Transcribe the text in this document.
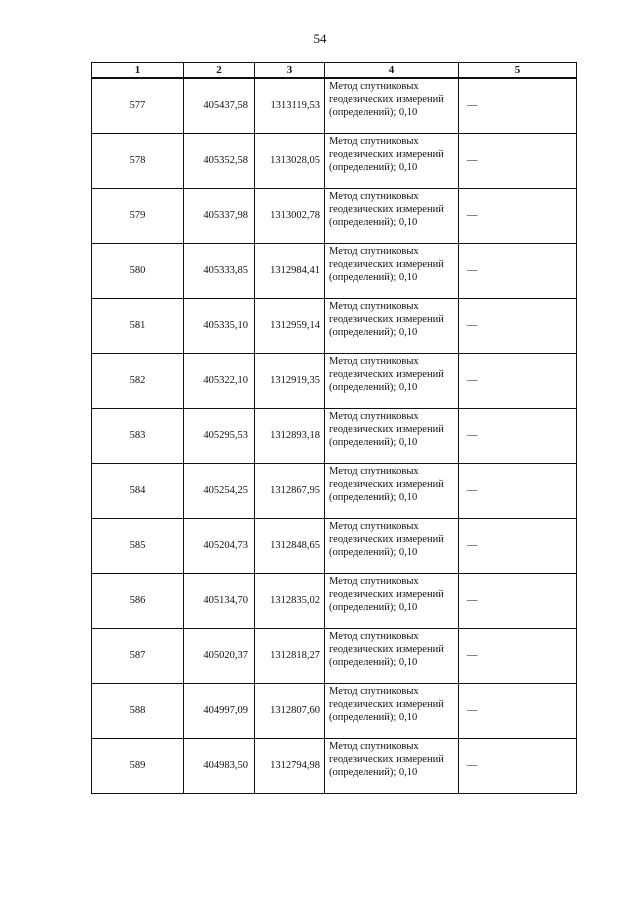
54
1	2	3	4	5
577	405437,58	1313119,53	Метод спутниковых геодезических измерений (определений); 0,10	—
578	405352,58	1313028,05	Метод спутниковых геодезических измерений (определений); 0,10	—
579	405337,98	1313002,78	Метод спутниковых геодезических измерений (определений); 0,10	—
580	405333,85	1312984,41	Метод спутниковых геодезических измерений (определений); 0,10	—
581	405335,10	1312959,14	Метод спутниковых геодезических измерений (определений); 0,10	—
582	405322,10	1312919,35	Метод спутниковых геодезических измерений (определений); 0,10	—
583	405295,53	1312893,18	Метод спутниковых геодезических измерений (определений); 0,10	—
584	405254,25	1312867,95	Метод спутниковых геодезических измерений (определений); 0,10	—
585	405204,73	1312848,65	Метод спутниковых геодезических измерений (определений); 0,10	—
586	405134,70	1312835,02	Метод спутниковых геодезических измерений (определений); 0,10	—
587	405020,37	1312818,27	Метод спутниковых геодезических измерений (определений); 0,10	—
588	404997,09	1312807,60	Метод спутниковых геодезических измерений (определений); 0,10	—
589	404983,50	1312794,98	Метод спутниковых геодезических измерений (определений); 0,10	—
